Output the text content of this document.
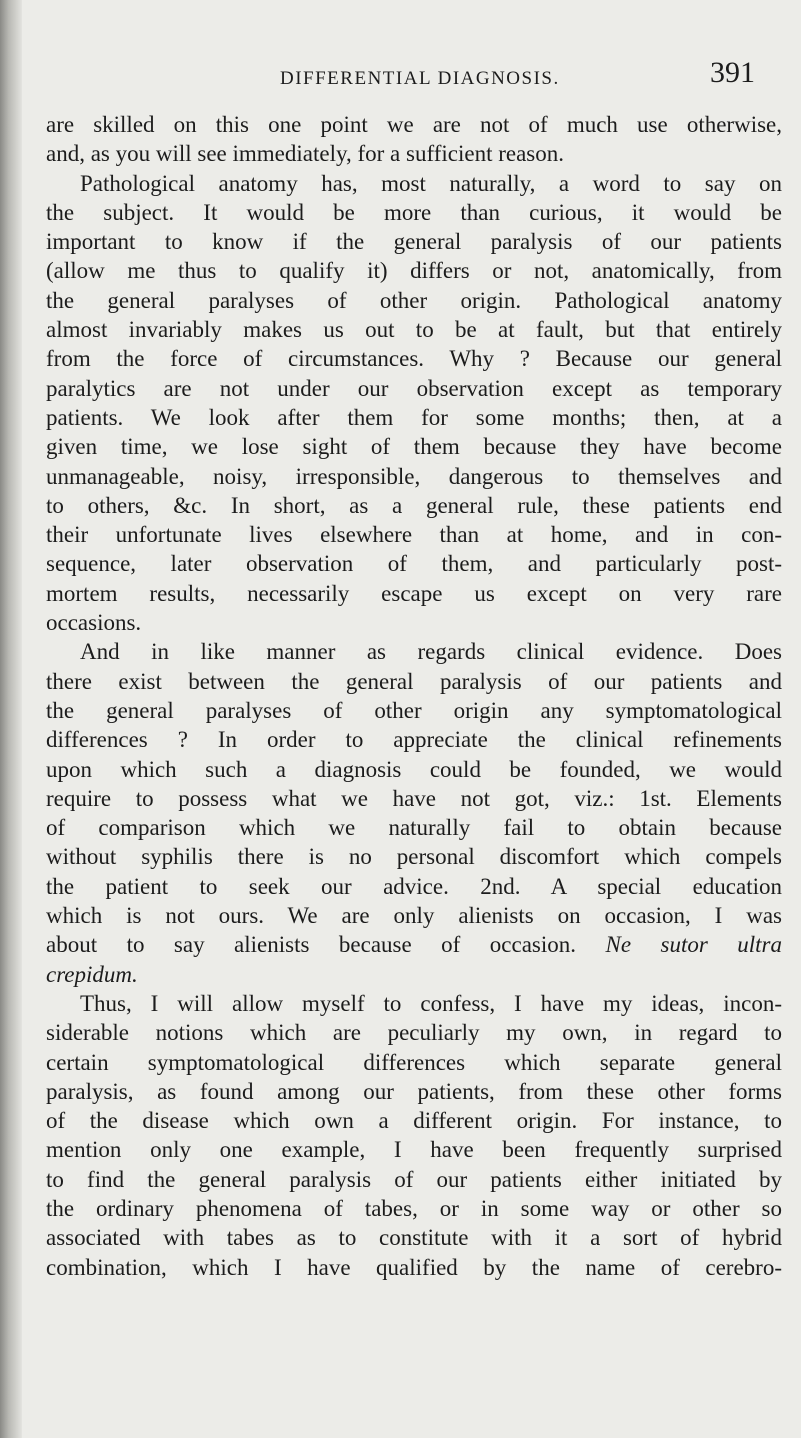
DIFFERENTIAL DIAGNOSIS.	391
are skilled on this one point we are not of much use otherwise,
and, as you will see immediately, for a sufficient reason.
Pathological anatomy has, most naturally, a word to say on
the subject. It would be more than curious, it would be
important to know if the general paralysis of our patients
(allow me thus to qualify it) differs or not, anatomically, from
the general paralyses of other origin. Pathological anatomy
almost invariably makes us out to be at fault, but that entirely
from the force of circumstances. Why ? Because our general
paralytics are not under our observation except as temporary
patients. We look after them for some months; then, at a
given time, we lose sight of them because they have become
unmanageable, noisy, irresponsible, dangerous to themselves and
to others, &c. In short, as a general rule, these patients end
their unfortunate lives elsewhere than at home, and in con-
sequence, later observation of them, and particularly post-
mortem results, necessarily escape us except on very rare
occasions.
And in like manner as regards clinical evidence. Does
there exist between the general paralysis of our patients and
the general paralyses of other origin any symptomatological
differences ? In order to appreciate the clinical refinements
upon which such a diagnosis could be founded, we would
require to possess what we have not got, viz.: 1st. Elements
of comparison which we naturally fail to obtain because
without syphilis there is no personal discomfort which compels
the patient to seek our advice. 2nd. A special education
which is not ours. We are only alienists on occasion, I was
about to say alienists because of occasion. Ne sutor ultra
crepidum.
Thus, I will allow myself to confess, I have my ideas, incon-
siderable notions which are peculiarly my own, in regard to
certain symptomatological differences which separate general
paralysis, as found among our patients, from these other forms
of the disease which own a different origin. For instance, to
mention only one example, I have been frequently surprised
to find the general paralysis of our patients either initiated by
the ordinary phenomena of tabes, or in some way or other so
associated with tabes as to constitute with it a sort of hybrid
combination, which I have qualified by the name of cerebro-
